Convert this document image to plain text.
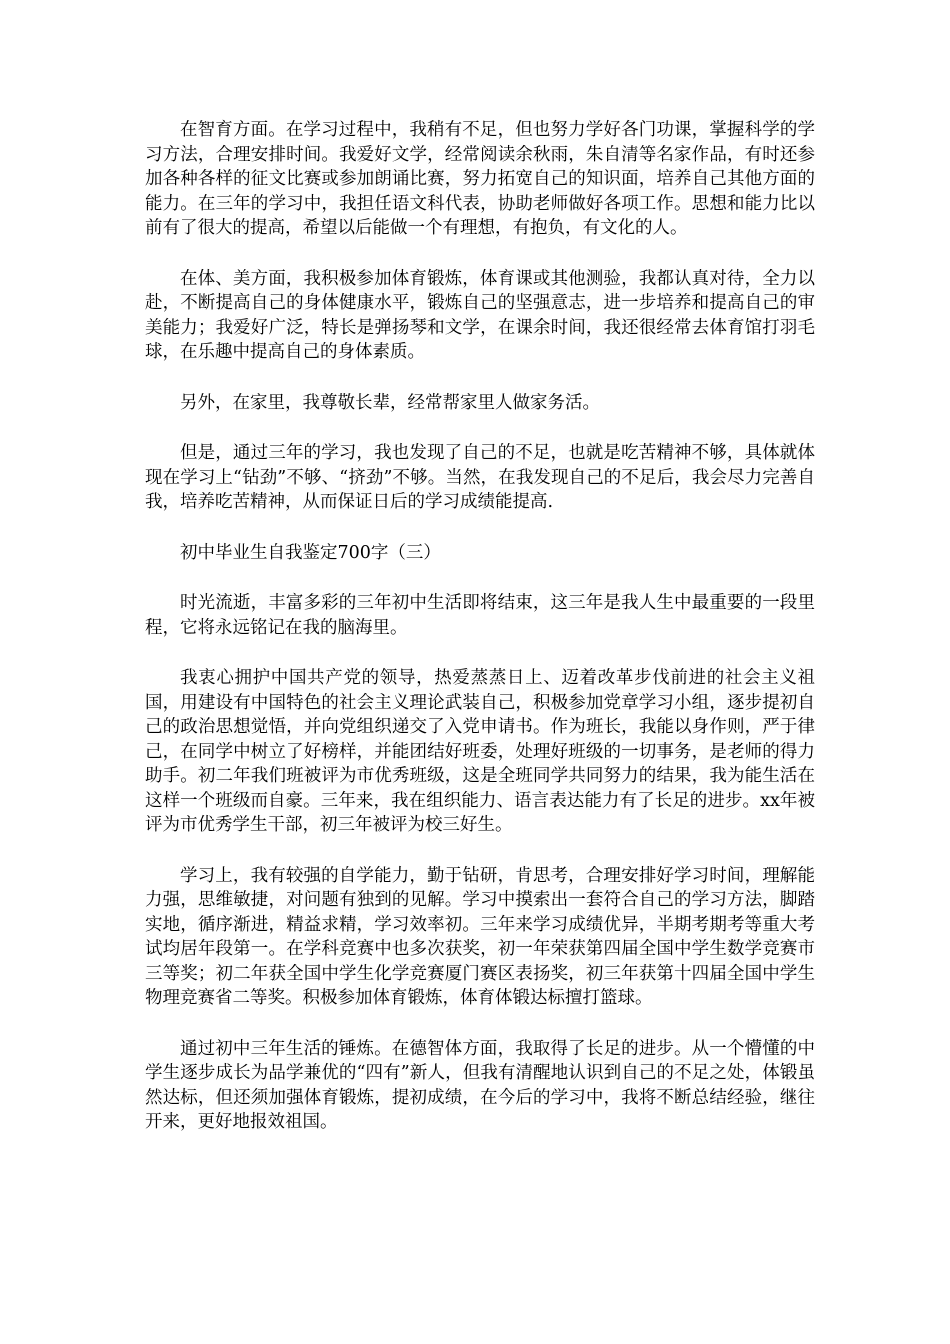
在智育方面。在学习过程中，我稍有不足，但也努力学好各门功课，掌握科学的学习方法，合理安排时间。我爱好文学，经常阅读余秋雨，朱自清等名家作品，有时还参加各种各样的征文比赛或参加朗诵比赛，努力拓宽自己的知识面，培养自己其他方面的能力。在三年的学习中，我担任语文科代表，协助老师做好各项工作。思想和能力比以前有了很大的提高，希望以后能做一个有理想，有抱负，有文化的人。

在体、美方面，我积极参加体育锻炼，体育课或其他测验，我都认真对待，全力以赴，不断提高自己的身体健康水平，锻炼自己的坚强意志，进一步培养和提高自己的审美能力；我爱好广泛，特长是弹扬琴和文学，在课余时间，我还很经常去体育馆打羽毛球，在乐趣中提高自己的身体素质。

另外，在家里，我尊敬长辈，经常帮家里人做家务活。

但是，通过三年的学习，我也发现了自己的不足，也就是吃苦精神不够，具体就体现在学习上“钻劲”不够、“挤劲”不够。当然，在我发现自己的不足后，我会尽力完善自我，培养吃苦精神，从而保证日后的学习成绩能提高.

初中毕业生自我鉴定700字（三）

时光流逝，丰富多彩的三年初中生活即将结束，这三年是我人生中最重要的一段里程，它将永远铭记在我的脑海里。

我衷心拥护中国共产党的领导，热爱蒸蒸日上、迈着改革步伐前进的社会主义祖国，用建设有中国特色的社会主义理论武装自己，积极参加党章学习小组，逐步提初自己的政治思想觉悟，并向党组织递交了入党申请书。作为班长，我能以身作则，严于律己，在同学中树立了好榜样，并能团结好班委，处理好班级的一切事务，是老师的得力助手。初二年我们班被评为市优秀班级，这是全班同学共同努力的结果，我为能生活在这样一个班级而自豪。三年来，我在组织能力、语言表达能力有了长足的进步。xx年被评为市优秀学生干部，初三年被评为校三好生。

学习上，我有较强的自学能力，勤于钻研，肯思考，合理安排好学习时间，理解能力强，思维敏捷，对问题有独到的见解。学习中摸索出一套符合自己的学习方法，脚踏实地，循序渐进，精益求精，学习效率初。三年来学习成绩优异，半期考期考等重大考试均居年段第一。在学科竞赛中也多次获奖，初一年荣获第四届全国中学生数学竞赛市三等奖；初二年获全国中学生化学竞赛厦门赛区表扬奖，初三年获第十四届全国中学生物理竞赛省二等奖。积极参加体育锻炼，体育体锻达标擅打篮球。

通过初中三年生活的锤炼。在德智体方面，我取得了长足的进步。从一个懵懂的中学生逐步成长为品学兼优的“四有”新人，但我有清醒地认识到自己的不足之处，体锻虽然达标，但还须加强体育锻炼，提初成绩，在今后的学习中，我将不断总结经验，继往开来，更好地报效祖国。
